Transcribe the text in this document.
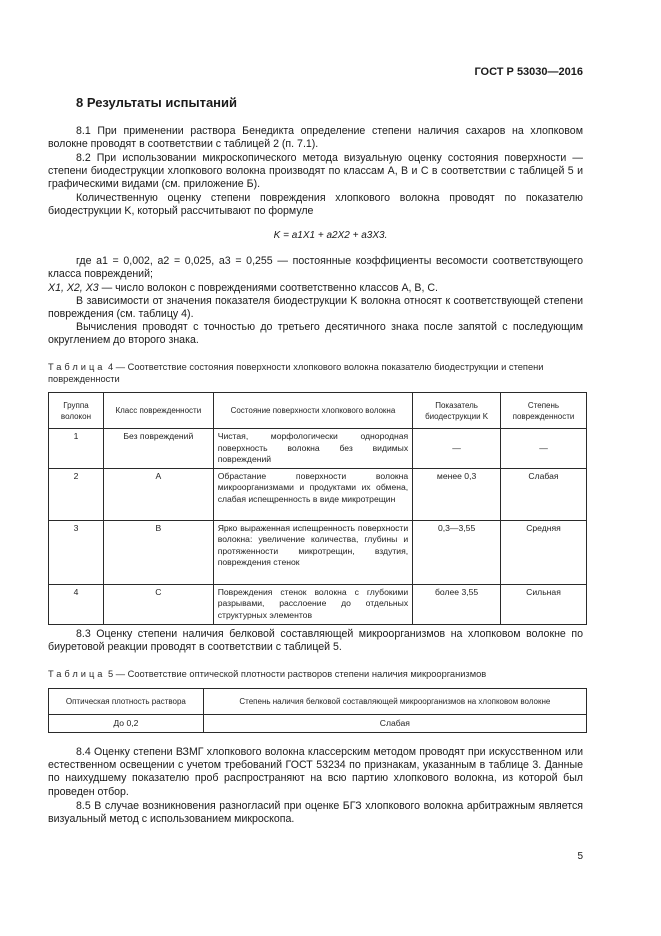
ГОСТ Р 53030—2016
8 Результаты испытаний

8.1 При применении раствора Бенедикта определение степени наличия сахаров на хлопковом волокне проводят в соответствии с таблицей 2 (п. 7.1).

8.2 При использовании микроскопического метода визуальную оценку состояния поверхности — степени биодеструкции хлопкового волокна производят по классам А, В и С в соответствии с таблицей 5 и графическими видами (см. приложение Б).

Количественную оценку степени повреждения хлопкового волокна проводят по показателю биодеструкции K, который рассчитывают по формуле

K = a1X1 + a2X2 + a3X3.

где a1 = 0,002, a2 = 0,025, a3 = 0,255 — постоянные коэффициенты весомости соответствующего класса повреждений;

X1, X2, X3 — число волокон с повреждениями соответственно классов А, В, С.

В зависимости от значения показателя биодеструкции K волокна относят к соответствующей степени повреждения (см. таблицу 4).

Вычисления проводят с точностью до третьего десятичного знака после запятой с последующим округлением до второго знака.

Таблица 4 — Соответствие состояния поверхности хлопкового волокна показателю биодеструкции и степени поврежденности
Группа волокон	Класс поврежденности	Состояние поверхности хлопкового волокна	Показатель биодеструкции K	Степень поврежденности
1	Без повреждений	Чистая, морфологически однородная поверхность волокна без видимых повреждений	—	—
2	А	Обрастание поверхности волокна микроорганизмами и продуктами их обмена, слабая испещренность в виде микротрещин	менее 0,3	Слабая
3	В	Ярко выраженная испещренность поверхности волокна: увеличение количества, глубины и протяженности микротрещин, вздутия, повреждения стенок	0,3—3,55	Средняя
4	С	Повреждения стенок волокна с глубокими разрывами, расслоение до отдельных структурных элементов	более 3,55	Сильная

8.3 Оценку степени наличия белковой составляющей микроорганизмов на хлопковом волокне по биуретовой реакции проводят в соответствии с таблицей 5.

Таблица 5 — Соответствие оптической плотности растворов степени наличия микроорганизмов
Оптическая плотность раствора	Степень наличия белковой составляющей микроорганизмов на хлопковом волокне
До 0,2	Слабая

8.4 Оценку степени ВЗМГ хлопкового волокна классерским методом проводят при искусственном или естественном освещении с учетом требований ГОСТ 53234 по признакам, указанным в таблице 3. Данные по наихудшему показателю проб распространяют на всю партию хлопкового волокна, из которой был проведен отбор.

8.5 В случае возникновения разногласий при оценке БГЗ хлопкового волокна арбитражным является визуальный метод с использованием микроскопа.

5
